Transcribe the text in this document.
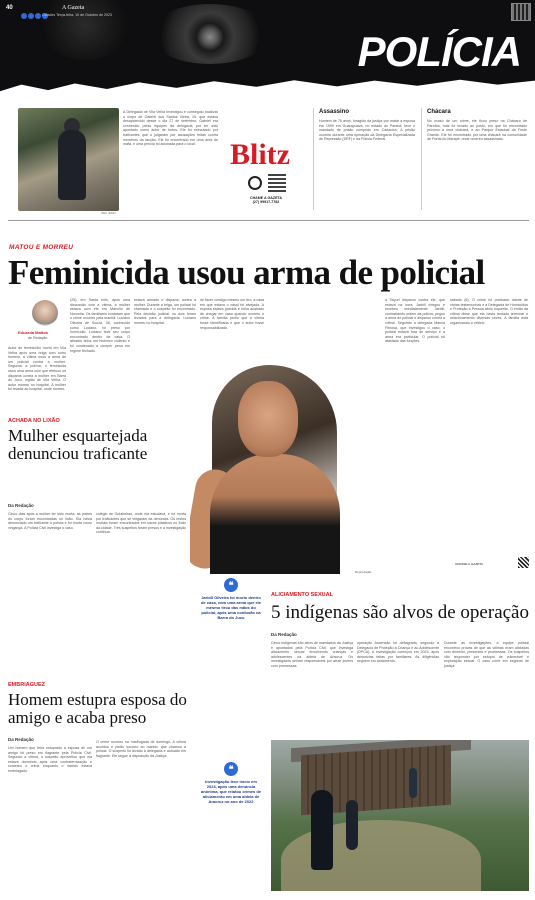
40	A Gazeta
Cidades Terça-feira, 10 de Outubro de 2023
POLÍCIA
Vitor Jubini
A Delegacia de Vila Velha investigou e conseguiu localizar o corpo de Gabriel dos Santos Vieira, 19, que estava desaparecido desde o dia 27 de setembro. Gabriel era conhecido pelas equipes da delegacia por ter sido apontado como autor de furtos. Ele foi executado por traficantes que o julgaram por acusações feitas contra membros da facção. Ele foi encontrado em uma área de mata, e uma perícia foi acionada para o local.	Blitz
CHAME A GAZETA
(27) 99917-7782
Assassino
Homem de 76 anos, foragido da justiça por matar a esposa em 1999 em Guarapuava, no estado do Paraná, teve o mandado de prisão cumprido em Cariacica. A prisão ocorreu durante uma operação da Delegacia Especializada de Repressão (DRF) e da Polícia Federal.
Chácara
No ocaso de um crime, ele ficou preso na Chácara de Paraíba, mas foi levado ao posto, em que foi encontrado próximo a uma chácara, e ao Parque Estadual da Fonte Grande. Ele foi encontrado por uma chácara na comunidade de Portal do Marapé, onde ocorreu assassinato.
MATOU E MORREU
Feminicida usou arma de policial
Eduarda Mattos
de Redação
Autor de feminicídio morto em Vila Velha após uma briga com outro homem, a vítima usou a arma de um policial contra a mulher. Segundo a polícia, o feminicida usou uma arma com que efetuou os disparos contra a mulher em Barra do Jucu, região de Vila Velha. O autor morreu no hospital. A mulher foi levada ao hospital, onde morreu.
(25), em Santa Inês, após uma discussão com a vítima, a mulher estava com ele em Marcílio de Noronha. Os familiares contaram que o crime ocorreu pela manhã. Luciano Oliveira de Souza, 38, conhecido como Luciano, foi preso por homicídio. Luciano teve seu corpo encontrado dentro de casa. O atirador tinha um histórico violento e foi condenado a cumprir pena em regime fechado.
estava armado e disparou contra a mulher. Durante a briga, um policial foi chamado e o suspeito foi encontrado. Pela decisão judicial, os dois foram levados para a delegacia. Luciano morreu no hospital.
de fazer consigo mesmo um tiro, a casa em que estava o casal foi alvejada. A esposa estava grávida e tinha acabado de chegar em casa quando ocorreu o crime. A família pediu que a vítima fosse identificada e que o autor fosse responsabilizado.
a Sayuri disparou contra ele, que estava na hora. Jarbill chegou e recebeu imediatamente. Jarbill, contrariando ordem da polícia, pegou a arma do policial e disparou contra a vítima. Segundo a delegada Marcia Fibrosa, que investigou o caso, o policial estava fora de serviço e a arma era particular. O policial foi afastado das funções.
sábado (6). O crime foi praticado diante de várias testemunhas e a Delegacia de Homicídios e Proteção à Pessoa abriu inquérito. O irmão da vítima disse que ela havia tentado terminar o relacionamento diversas vezes. A família está organizando o velório.
Reprodução
ACESSE A GAZETA
ACHADA NO LIXÃO
Mulher esquartejada denunciou traficante
Da Redação
Cinco dias após a mulher ter sido morta, as partes do corpo foram encontradas no lixão. Ela havia denunciado um traficante à polícia e foi morta como vingança. A Polícia Civil investiga o caso.
colégio de Goiabeiras, onde ela estudava, e foi morta por traficantes que se vingaram da denúncia. Os restos mortais foram encontrados em sacos plásticos no lixão da cidade. Três suspeitos foram presos e a investigação continua.
❝
Jarbill Oliveira foi morto dentro de casa, com uma arma que ele mesmo tirou das mãos do policial, após uma confusão na Barra do Jucu
ALICIAMENTO SEXUAL
5 indígenas são alvos de operação
Da Redação
Cinco indígenas são alvos de mandados da Justiça e apontados pela Polícia Civil, que investiga aliciamento sexual envolvendo crianças e adolescentes na aldeia de Aracruz. Os investigados seriam responsáveis por atrair jovens com promessas.
operação Ascensão foi deflagrada, segundo a Delegacia de Proteção à Criança e ao Adolescente (DPCA). A investigação começou em 2023, após denúncias feitas por familiares. As diligências seguem em andamento.
Durante as investigações, a equipe policial encontrou provas de que as vítimas eram aliciadas com dinheiro, presentes e promessas. Os suspeitos vão responder por estupro de vulnerável e exploração sexual. O caso corre em segredo de justiça.
EMBRIAGUEZ
Homem estupra esposa do amigo e acaba preso
Da Redação
Um homem que teria estuprado a esposa de um amigo foi preso em flagrante pela Polícia Civil. Segundo a vítima, o suspeito aproveitou que ela estava dormindo após uma confraternização e cometeu o crime enquanto o marido estava embriagado.
O crime ocorreu na madrugada de domingo. A vítima acordou e pediu socorro ao marido, que chamou a polícia. O suspeito foi levado à delegacia e autuado em flagrante. Ele segue à disposição da Justiça.
❝
Investigação teve início em 2023, após uma denúncia anônima, que relatou crimes de aliciamento em uma aldeia de Aracruz no ano de 2022
